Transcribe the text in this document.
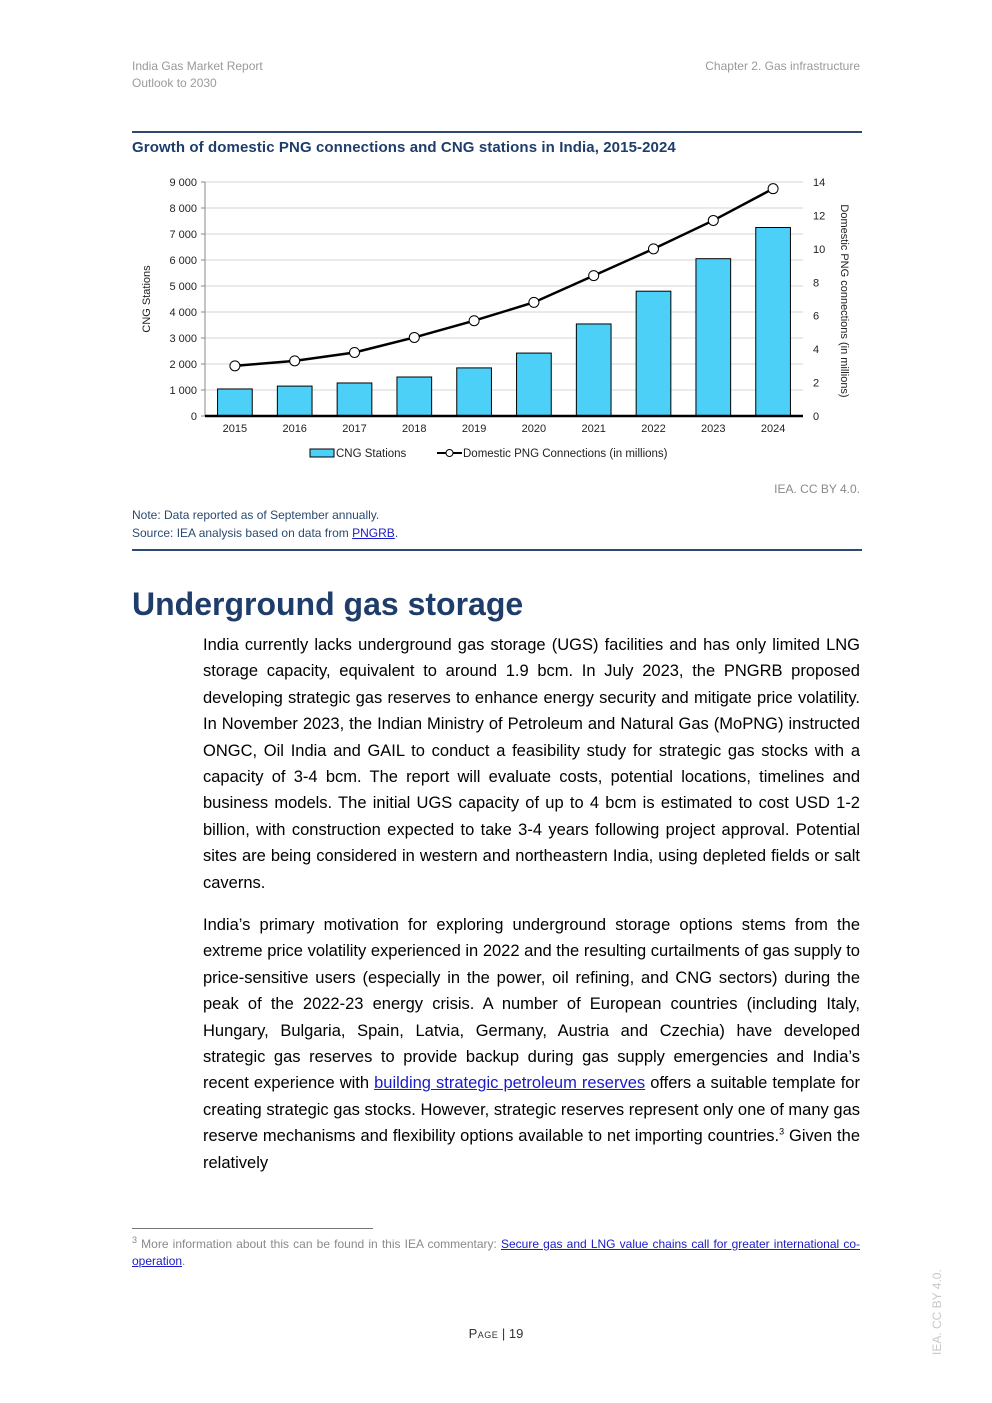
India Gas Market Report
Outlook to 2030
Chapter 2. Gas infrastructure
Growth of domestic PNG connections and CNG stations in India, 2015-2024
0
1 000
2 000
3 000
4 000
5 000
6 000
7 000
8 000
9 000
0
2
4
6
8
10
12
14
CNG Stations	Domestic PNG connections (in millions)
2015	2016	2017	2018	2019	2020	2021	2022	2023	2024
CNG Stations	Domestic PNG Connections (in millions)
IEA. CC BY 4.0.
Note: Data reported as of September annually.
Source: IEA analysis based on data from PNGRB.
Underground gas storage

India currently lacks underground gas storage (UGS) facilities and has only limited LNG storage capacity, equivalent to around 1.9 bcm. In July 2023, the PNGRB proposed developing strategic gas reserves to enhance energy security and mitigate price volatility. In November 2023, the Indian Ministry of Petroleum and Natural Gas (MoPNG) instructed ONGC, Oil India and GAIL to conduct a feasibility study for strategic gas stocks with a capacity of 3-4 bcm. The report will evaluate costs, potential locations, timelines and business models. The initial UGS capacity of up to 4 bcm is estimated to cost USD 1-2 billion, with construction expected to take 3-4 years following project approval. Potential sites are being considered in western and northeastern India, using depleted fields or salt caverns.

India’s primary motivation for exploring underground storage options stems from the extreme price volatility experienced in 2022 and the resulting curtailments of gas supply to price-sensitive users (especially in the power, oil refining, and CNG sectors) during the peak of the 2022-23 energy crisis. A number of European countries (including Italy, Hungary, Bulgaria, Spain, Latvia, Germany, Austria and Czechia) have developed strategic gas reserves to provide backup during gas supply emergencies and India’s recent experience with building strategic petroleum reserves offers a suitable template for creating strategic gas stocks. However, strategic reserves represent only one of many gas reserve mechanisms and flexibility options available to net importing countries.$^3$ Given the relatively

$^3$ More information about this can be found in this IEA commentary: Secure gas and LNG value chains call for greater international co-operation.
Page | 19	IEA. CC BY 4.0.
